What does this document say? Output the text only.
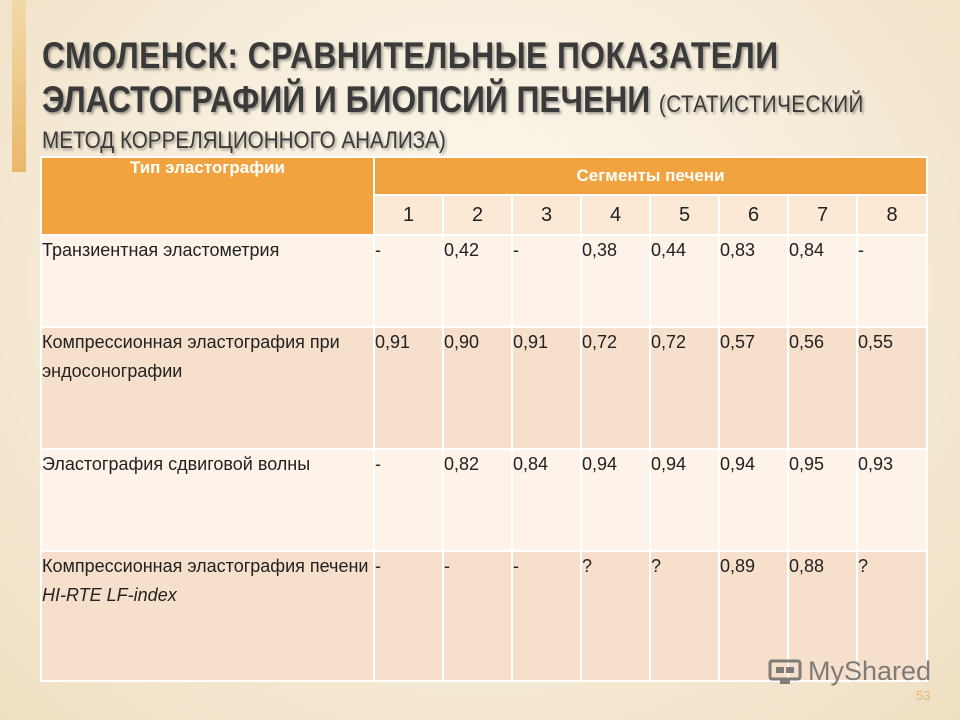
СМОЛЕНСК: СРАВНИТЕЛЬНЫЕ ПОКАЗАТЕЛИ
ЭЛАСТОГРАФИЙ И БИОПСИЙ ПЕЧЕНИ (СТАТИСТИЧЕСКИЙ
МЕТОД КОРРЕЛЯЦИОННОГО АНАЛИЗА)
Тип эластографии	Сегменты печени							
	1	2	3	4	5	6	7	8
Транзиентная эластометрия	-	0,42	-	0,38	0,44	0,83	0,84	-
Компрессионная эластография при эндосонографии	0,91	0,90	0,91	0,72	0,72	0,57	0,56	0,55
Эластография сдвиговой волны	-	0,82	0,84	0,94	0,94	0,94	0,95	0,93
Компрессионная эластография печени HI-RTE LF-index	-	-	-	?	?	0,89	0,88	?
MyShared
53
